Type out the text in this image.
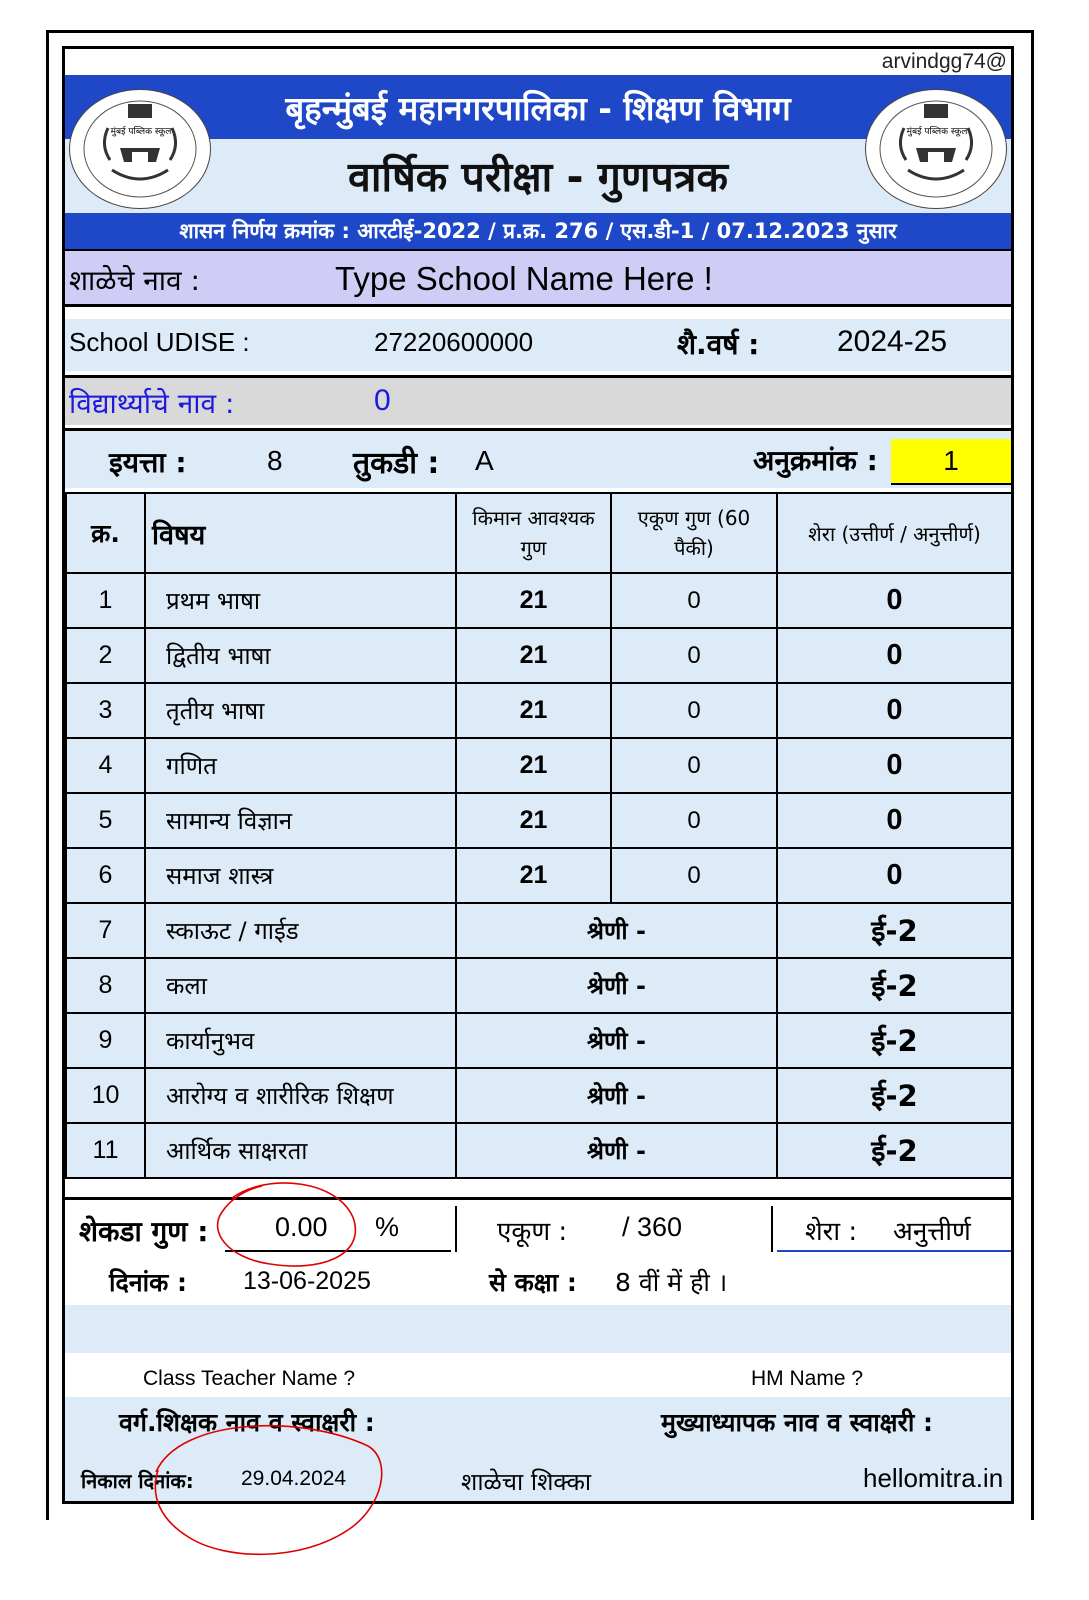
arvindgg74@
बृहन्मुंबई महानगरपालिका - शिक्षण विभाग
वार्षिक परीक्षा - गुणपत्रक
शासन निर्णय क्रमांक : आरटीई-2022 / प्र.क्र. 276 / एस.डी-1 / 07.12.2023 नुसार
मुंबई पब्लिक स्कूल	मुंबई पब्लिक स्कूल
शाळेचे नाव :	Type School Name Here !
School UDISE :	27220600000	शै.वर्ष :	2024-25
विद्यार्थ्याचे नाव :	0
इयत्ता :	8 तुकडी : A	अनुक्रमांक :	1
क्र.	विषय	किमान आवश्यक गुण	एकूण गुण (60 पैकी)	शेरा (उत्तीर्ण / अनुत्तीर्ण)

1	प्रथम भाषा	21	0	0

2	द्वितीय भाषा	21	0	0

3	तृतीय भाषा	21	0	0

4	गणित	21	0	0

5	सामान्य विज्ञान	21	0	0

6	समाज शास्त्र	21	0	0

7	स्काऊट / गाईड	श्रेणी -		ई-2

8	कला	श्रेणी -		ई-2

9	कार्यानुभव	श्रेणी -		ई-2

10	आरोग्य व शारीरिक शिक्षण	श्रेणी -		ई-2

11	आर्थिक साक्षरता	श्रेणी -		ई-2
शेकडा गुण : 0.00 %	एकूण : / 360	शेरा : अनुत्तीर्ण
दिनांक : 13-06-2025	से कक्षा : 8 वीं में ही ।
Class Teacher Name ?	HM Name ?
वर्ग.शिक्षक नाव व स्वाक्षरी :	मुख्याध्यापक नाव व स्वाक्षरी :
निकाल दिनांक: 29.04.2024	शाळेचा शिक्का	hellomitra.in
